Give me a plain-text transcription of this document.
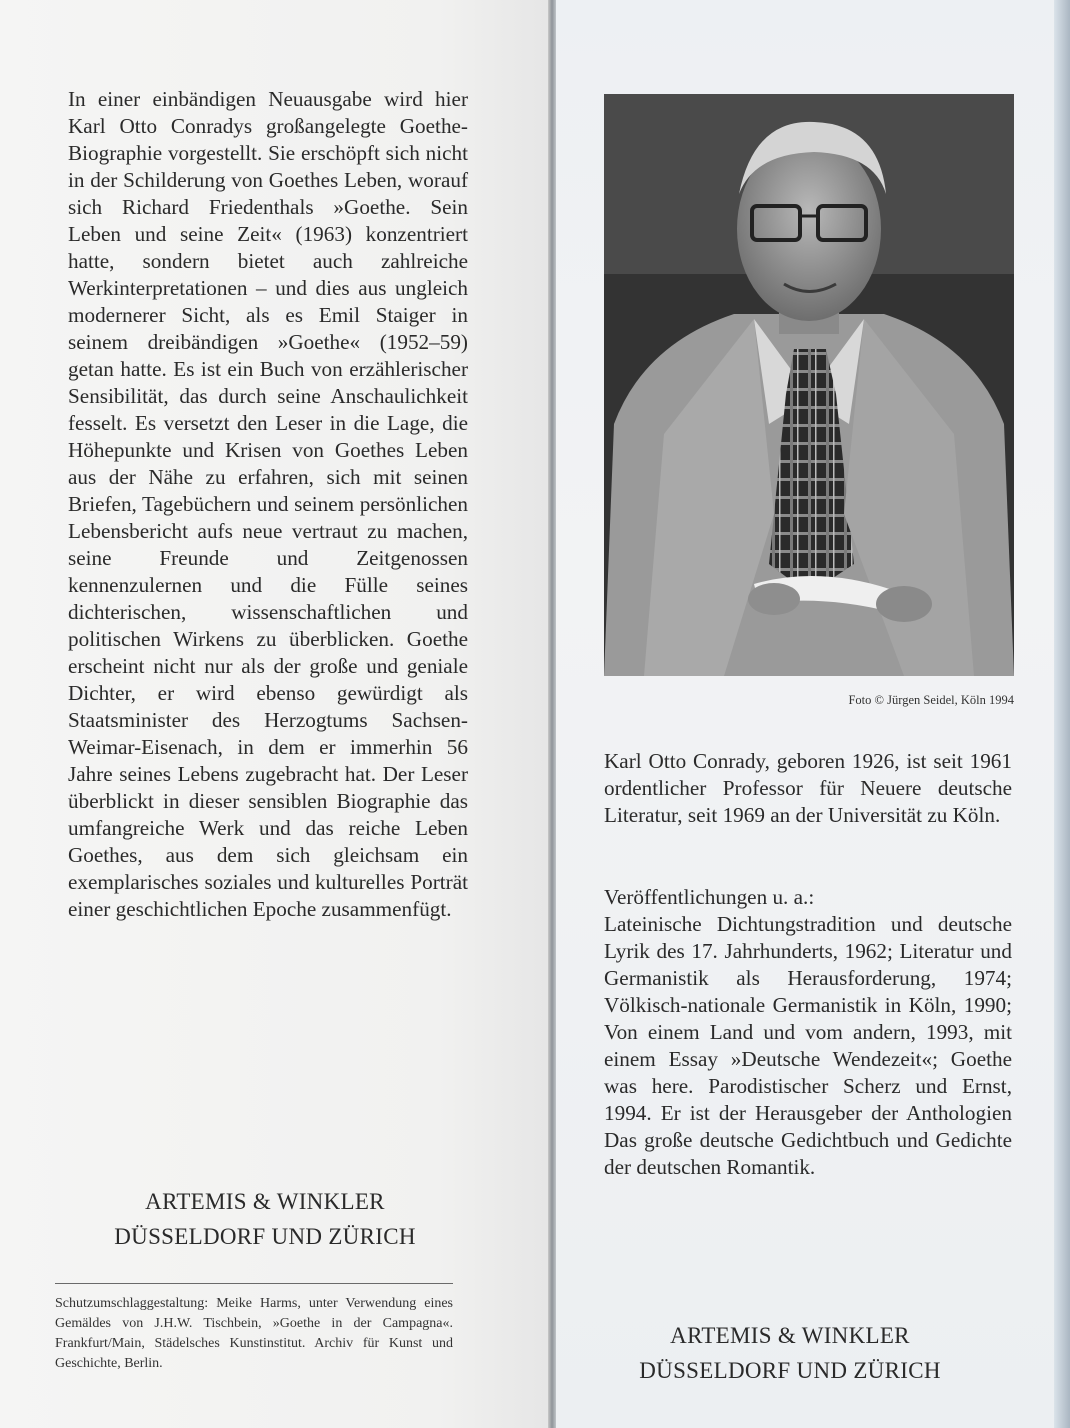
In einer einbändigen Neuausgabe wird hier Karl Otto Conradys großangelegte Goethe-Biographie vorgestellt. Sie erschöpft sich nicht in der Schilderung von Goethes Leben, worauf sich Richard Friedenthals »Goethe. Sein Leben und seine Zeit« (1963) konzentriert hatte, sondern bietet auch zahlreiche Werkinterpretationen – und dies aus ungleich modernerer Sicht, als es Emil Staiger in seinem dreibändigen »Goethe« (1952–59) getan hatte. Es ist ein Buch von erzählerischer Sensibilität, das durch seine Anschaulichkeit fesselt. Es versetzt den Leser in die Lage, die Höhepunkte und Krisen von Goethes Leben aus der Nähe zu erfahren, sich mit seinen Briefen, Tagebüchern und seinem persönlichen Lebensbericht aufs neue vertraut zu machen, seine Freunde und Zeitgenossen kennenzulernen und die Fülle seines dichterischen, wissenschaftlichen und politischen Wirkens zu überblicken. Goethe erscheint nicht nur als der große und geniale Dichter, er wird ebenso gewürdigt als Staatsminister des Herzogtums Sachsen-Weimar-Eisenach, in dem er immerhin 56 Jahre seines Lebens zugebracht hat. Der Leser überblickt in dieser sensiblen Biographie das umfangreiche Werk und das reiche Leben Goethes, aus dem sich gleichsam ein exemplarisches soziales und kulturelles Porträt einer geschichtlichen Epoche zusammenfügt.

ARTEMIS & WINKLER
DÜSSELDORF UND ZÜRICH

Schutzumschlaggestaltung: Meike Harms, unter Verwendung eines Gemäldes von J.H.W. Tischbein, »Goethe in der Campagna«. Frankfurt/Main, Städelsches Kunstinstitut. Archiv für Kunst und Geschichte, Berlin.

Foto © Jürgen Seidel, Köln 1994

Karl Otto Conrady, geboren 1926, ist seit 1961 ordentlicher Professor für Neuere deutsche Literatur, seit 1969 an der Universität zu Köln.

Veröffentlichungen u. a.:

Lateinische Dichtungstradition und deutsche Lyrik des 17. Jahrhunderts, 1962; Literatur und Germanistik als Herausforderung, 1974; Völkisch-nationale Germanistik in Köln, 1990; Von einem Land und vom andern, 1993, mit einem Essay »Deutsche Wendezeit«; Goethe was here. Parodistischer Scherz und Ernst, 1994. Er ist der Herausgeber der Anthologien Das große deutsche Gedichtbuch und Gedichte der deutschen Romantik.

ARTEMIS & WINKLER
DÜSSELDORF UND ZÜRICH
